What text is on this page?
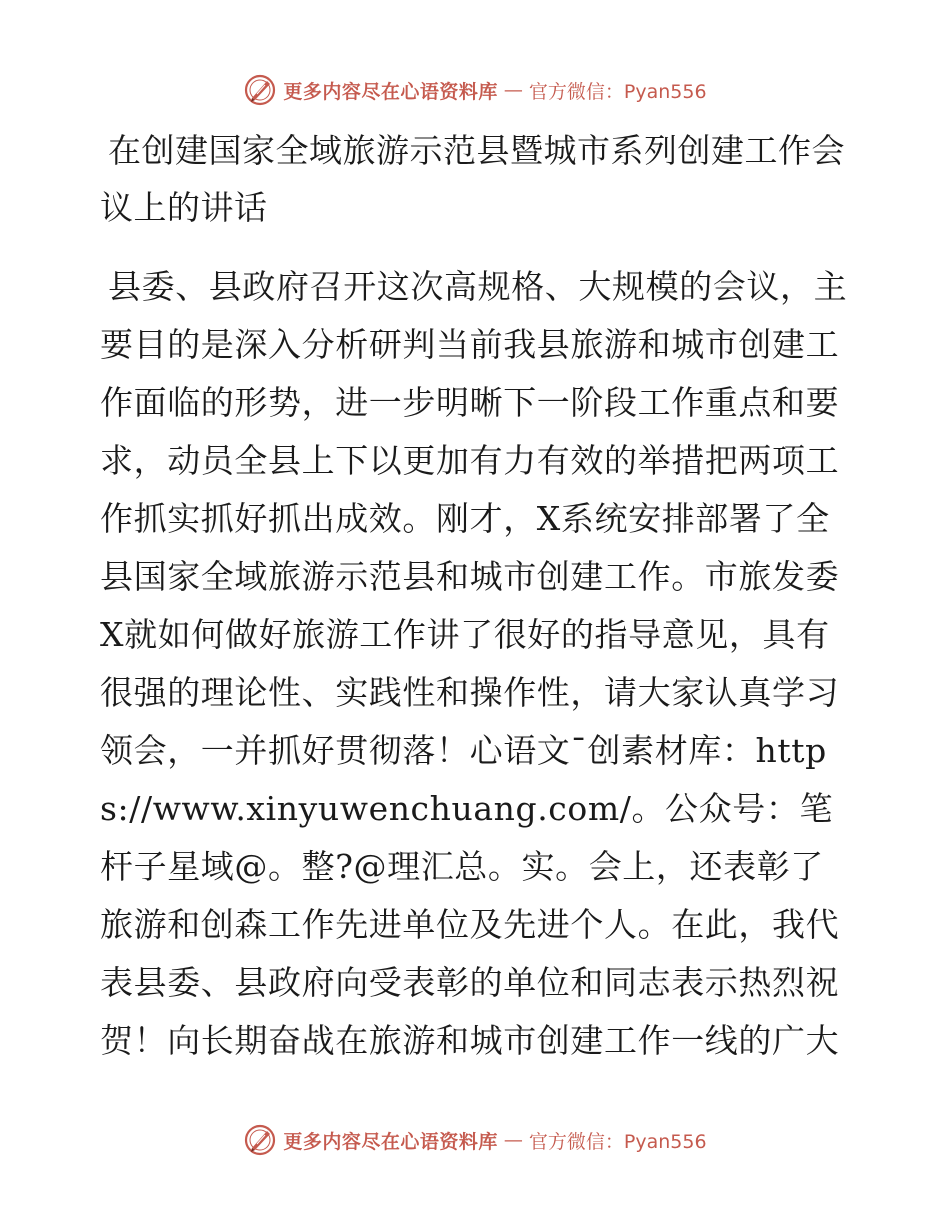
更多内容尽在心语资料库 — 官方微信：Pyan556
在创建国家全域旅游示范县暨城市系列创建工作会议上的讲话

县委、县政府召开这次高规格、大规模的会议，主要目的是深入分析研判当前我县旅游和城市创建工作面临的形势，进一步明晰下一阶段工作重点和要求，动员全县上下以更加有力有效的举措把两项工作抓实抓好抓出成效。刚才，X系统安排部署了全县国家全域旅游示范县和城市创建工作。市旅发委X就如何做好旅游工作讲了很好的指导意见，具有很强的理论性、实践性和操作性，请大家认真学习领会，一并抓好贯彻落！心语文¯创素材库：https://www.xinyuwenchuang.com/。公众号：笔杆子星域@。整?@理汇总。实。会上，还表彰了旅游和创森工作先进单位及先进个人。在此，我代表县委、县政府向受表彰的单位和同志表示热烈祝贺！向长期奋战在旅游和城市创建工作一线的广大

更多内容尽在心语资料库 — 官方微信：Pyan556
